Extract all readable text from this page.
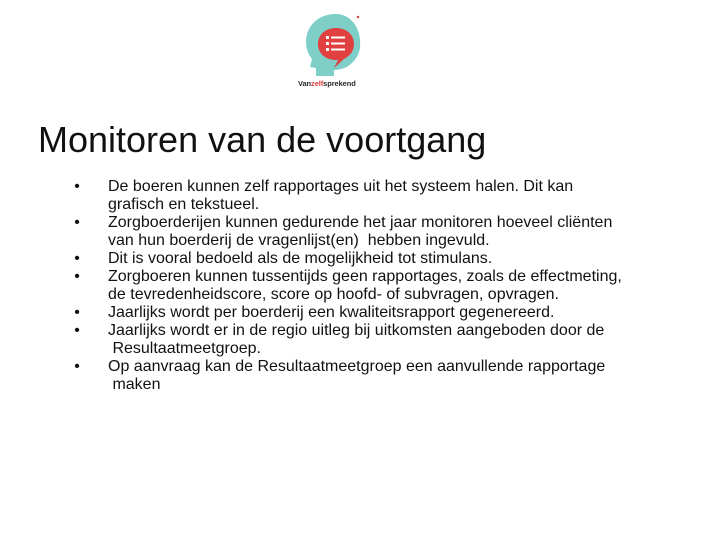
Vanzelfsprekend
Monitoren van de voortgang
• De boeren kunnen zelf rapportages uit het systeem halen. Dit kan
grafisch en tekstueel.
• Zorgboerderijen kunnen gedurende het jaar monitoren hoeveel cliënten
van hun boerderij de vragenlijst(en)  hebben ingevuld.
• Dit is vooral bedoeld als de mogelijkheid tot stimulans.
• Zorgboeren kunnen tussentijds geen rapportages, zoals de effectmeting,
de tevredenheidscore, score op hoofd- of subvragen, opvragen.
• Jaarlijks wordt per boerderij een kwaliteitsrapport gegenereerd.
• Jaarlijks wordt er in de regio uitleg bij uitkomsten aangeboden door de
Resultaatmeetgroep.
• Op aanvraag kan de Resultaatmeetgroep een aanvullende rapportage
maken
